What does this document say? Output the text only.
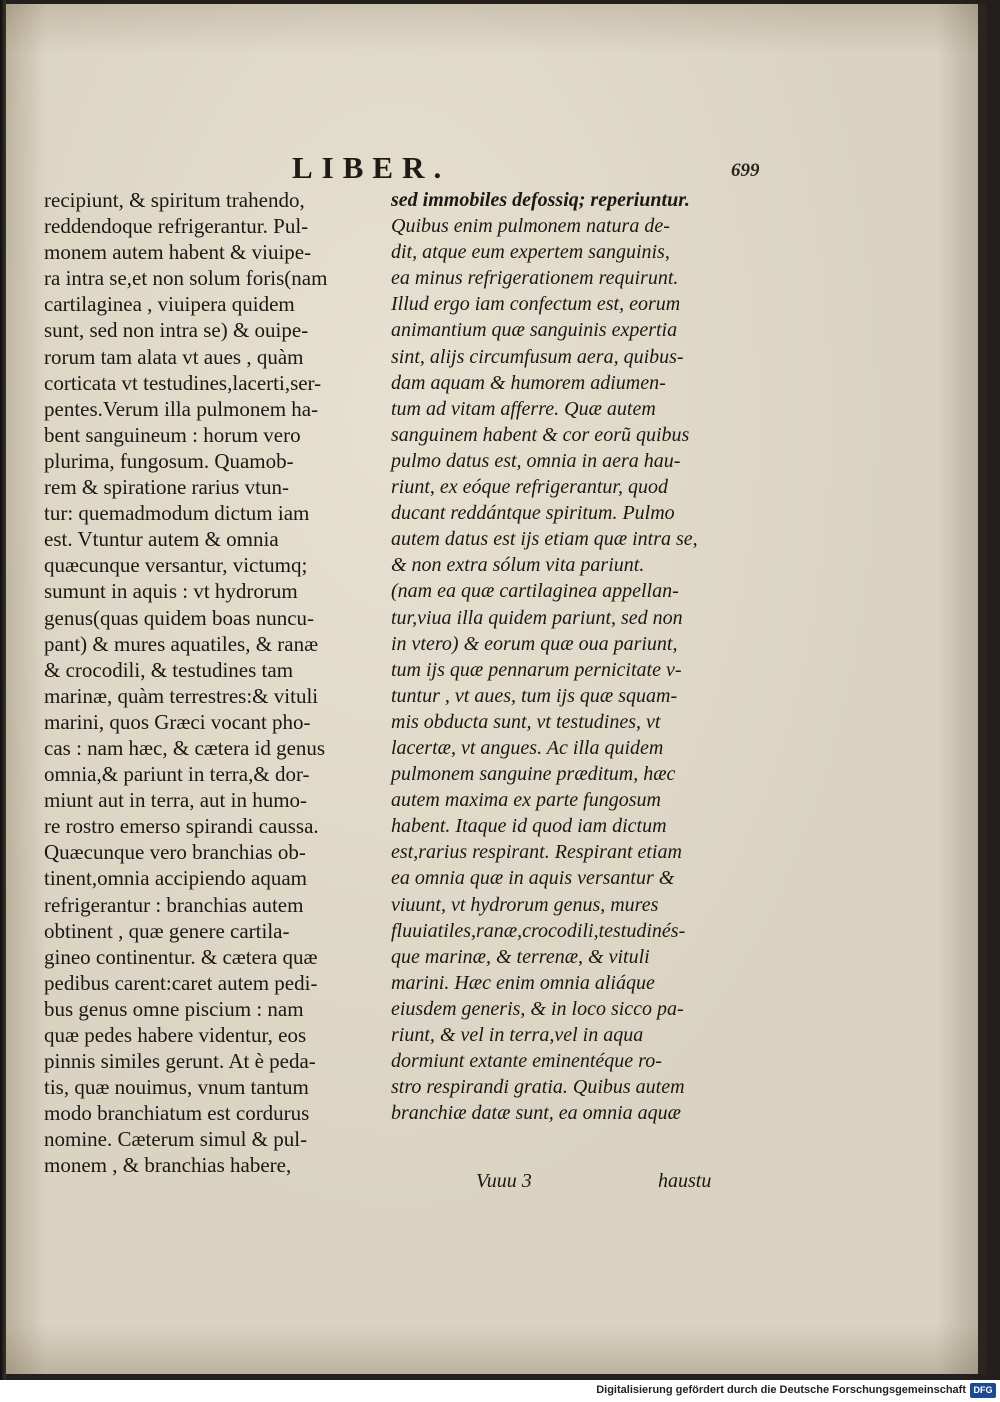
LIBER.	699
recipiunt, & spiritum trahendo,
reddendoque refrigerantur. Pul-
monem autem habent & viuipe-
ra intra se,et non solum foris(nam
cartilaginea , viuipera quidem
sunt, sed non intra se) & ouipe-
rorum tam alata vt aues , quàm
corticata vt testudines,lacerti,ser-
pentes.Verum illa pulmonem ha-
bent sanguineum : horum vero
plurima, fungosum. Quamob-
rem & spiratione rarius vtun-
tur: quemadmodum dictum iam
est. Vtuntur autem & omnia
quæcunque versantur, victumq;
sumunt in aquis : vt hydrorum
genus(quas quidem boas nuncu-
pant) & mures aquatiles, & ranæ
& crocodili, & testudines tam
marinæ, quàm terrestres:& vituli
marini, quos Græci vocant pho-
cas : nam hæc, & cætera id genus
omnia,& pariunt in terra,& dor-
miunt aut in terra, aut in humo-
re rostro emerso spirandi caussa.
Quæcunque vero branchias ob-
tinent,omnia accipiendo aquam
refrigerantur : branchias autem
obtinent , quæ genere cartila-
gineo continentur. & cætera quæ
pedibus carent:caret autem pedi-
bus genus omne piscium : nam
quæ pedes habere videntur, eos
pinnis similes gerunt. At è peda-
tis, quæ nouimus, vnum tantum
modo branchiatum est cordurus
nomine. Cæterum simul & pul-
monem , & branchias habere,
sed immobiles defossiq; reperiuntur.
Quibus enim pulmonem natura de-
dit, atque eum expertem sanguinis,
ea minus refrigerationem requirunt.
Illud ergo iam confectum est, eorum
animantium quæ sanguinis expertia
sint, alijs circumfusum aera, quibus-
dam aquam & humorem adiumen-
tum ad vitam afferre. Quæ autem
sanguinem habent & cor eorũ quibus
pulmo datus est, omnia in aera hau-
riunt, ex eóque refrigerantur, quod
ducant reddántque spiritum. Pulmo
autem datus est ijs etiam quæ intra se,
& non extra sólum vita pariunt.
(nam ea quæ cartilaginea appellan-
tur,viua illa quidem pariunt, sed non
in vtero) & eorum quæ oua pariunt,
tum ijs quæ pennarum pernicitate v-
tuntur , vt aues, tum ijs quæ squam-
mis obducta sunt, vt testudines, vt
lacertæ, vt angues. Ac illa quidem
pulmonem sanguine præditum, hæc
autem maxima ex parte fungosum
habent. Itaque id quod iam dictum
est,rarius respirant. Respirant etiam
ea omnia quæ in aquis versantur &
viuunt, vt hydrorum genus, mures
fluuiatiles,ranæ,crocodili,testudinés-
que marinæ, & terrenæ, & vituli
marini. Hæc enim omnia aliáque
eiusdem generis, & in loco sicco pa-
riunt, & vel in terra,vel in aqua
dormiunt extante eminentéque ro-
stro respirandi gratia. Quibus autem
branchiæ datæ sunt, ea omnia aquæ
Vuuu 3	haustu
Digitalisierung gefördert durch die Deutsche Forschungsgemeinschaft DFG
